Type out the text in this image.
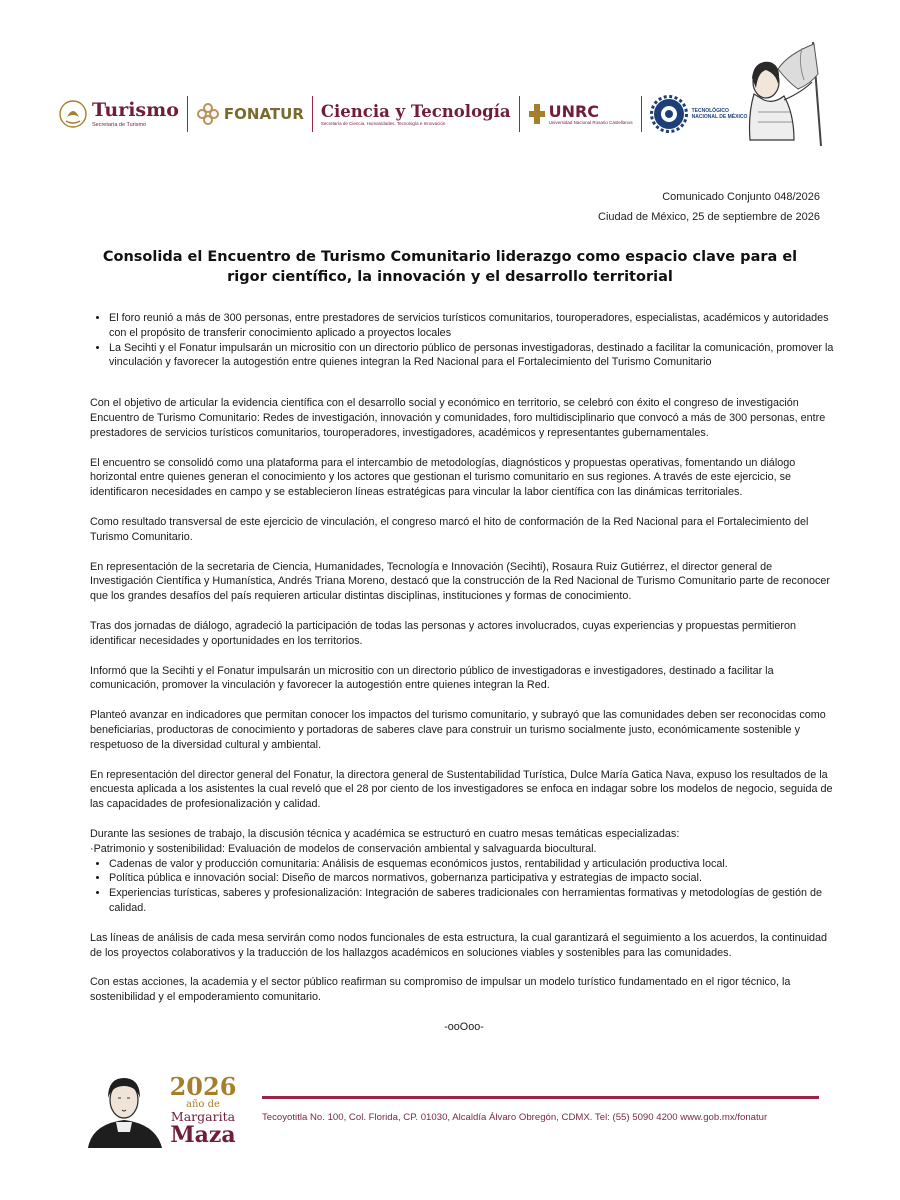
Turismo
Secretaría de Turismo
FONATUR Ciencia y Tecnología
Secretaría de Ciencia, Humanidades, Tecnología e Innovación
UNRC
Universidad Nacional Rosario Castellanos
TECNOLÓGICO
NACIONAL DE MÉXICO
Comunicado Conjunto 048/2026
Ciudad de México, 25 de septiembre de 2026
Consolida el Encuentro de Turismo Comunitario liderazgo como espacio clave para el rigor científico, la innovación y el desarrollo territorial
• El foro reunió a más de 300 personas, entre prestadores de servicios turísticos comunitarios, touroperadores, especialistas, académicos y autoridades con el propósito de transferir conocimiento aplicado a proyectos locales
• La Secihti y el Fonatur impulsarán un micrositio con un directorio público de personas investigadoras, destinado a facilitar la comunicación, promover la vinculación y favorecer la autogestión entre quienes integran la Red Nacional para el Fortalecimiento del Turismo Comunitario

Con el objetivo de articular la evidencia científica con el desarrollo social y económico en territorio, se celebró con éxito el congreso de investigación Encuentro de Turismo Comunitario: Redes de investigación, innovación y comunidades, foro multidisciplinario que convocó a más de 300 personas, entre prestadores de servicios turísticos comunitarios, touroperadores, investigadores, académicos y representantes gubernamentales.

El encuentro se consolidó como una plataforma para el intercambio de metodologías, diagnósticos y propuestas operativas, fomentando un diálogo horizontal entre quienes generan el conocimiento y los actores que gestionan el turismo comunitario en sus regiones. A través de este ejercicio, se identificaron necesidades en campo y se establecieron líneas estratégicas para vincular la labor científica con las dinámicas territoriales.

Como resultado transversal de este ejercicio de vinculación, el congreso marcó el hito de conformación de la Red Nacional para el Fortalecimiento del Turismo Comunitario.

En representación de la secretaria de Ciencia, Humanidades, Tecnología e Innovación (Secihti), Rosaura Ruiz Gutiérrez, el director general de Investigación Científica y Humanística, Andrés Triana Moreno, destacó que la construcción de la Red Nacional de Turismo Comunitario parte de reconocer que los grandes desafíos del país requieren articular distintas disciplinas, instituciones y formas de conocimiento.

Tras dos jornadas de diálogo, agradeció la participación de todas las personas y actores involucrados, cuyas experiencias y propuestas permitieron identificar necesidades y oportunidades en los territorios.

Informó que la Secihti y el Fonatur impulsarán un micrositio con un directorio público de investigadoras e investigadores, destinado a facilitar la comunicación, promover la vinculación y favorecer la autogestión entre quienes integran la Red.

Planteó avanzar en indicadores que permitan conocer los impactos del turismo comunitario, y subrayó que las comunidades deben ser reconocidas como beneficiarias, productoras de conocimiento y portadoras de saberes clave para construir un turismo socialmente justo, económicamente sostenible y respetuoso de la diversidad cultural y ambiental.

En representación del director general del Fonatur, la directora general de Sustentabilidad Turística, Dulce María Gatica Nava, expuso los resultados de la encuesta aplicada a los asistentes la cual reveló que el 28 por ciento de los investigadores se enfoca en indagar sobre los modelos de negocio, seguida de las capacidades de profesionalización y calidad.

Durante las sesiones de trabajo, la discusión técnica y académica se estructuró en cuatro mesas temáticas especializadas:

·Patrimonio y sostenibilidad: Evaluación de modelos de conservación ambiental y salvaguarda biocultural.

• Cadenas de valor y producción comunitaria: Análisis de esquemas económicos justos, rentabilidad y articulación productiva local.
• Política pública e innovación social: Diseño de marcos normativos, gobernanza participativa y estrategias de impacto social.
• Experiencias turísticas, saberes y profesionalización: Integración de saberes tradicionales con herramientas formativas y metodologías de gestión de calidad.

Las líneas de análisis de cada mesa servirán como nodos funcionales de esta estructura, la cual garantizará el seguimiento a los acuerdos, la continuidad de los proyectos colaborativos y la traducción de los hallazgos académicos en soluciones viables y sostenibles para las comunidades.

Con estas acciones, la academia y el sector público reafirman su compromiso de impulsar un modelo turístico fundamentado en el rigor técnico, la sostenibilidad y el empoderamiento comunitario.

-ooOoo-

2026
año de
Margarita
Maza
Tecoyotitla No. 100, Col. Florida, CP. 01030, Alcaldía Álvaro Obregón, CDMX. Tel: (55) 5090 4200 www.gob.mx/fonatur
